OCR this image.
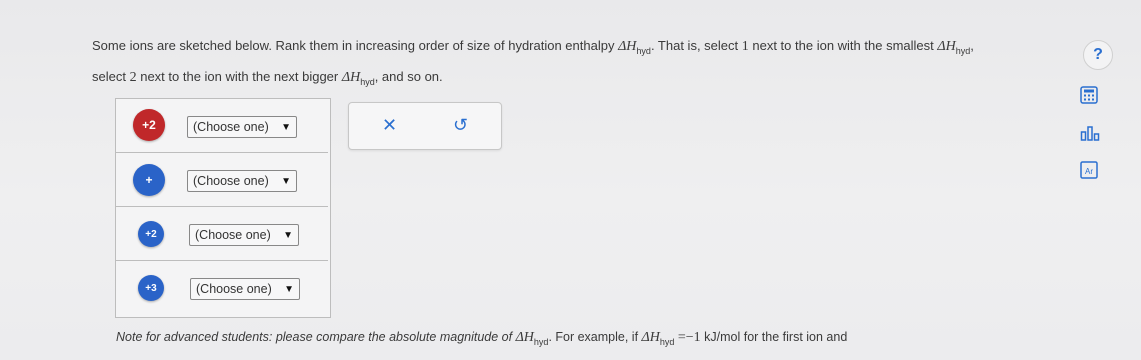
Some ions are sketched below. Rank them in increasing order of size of hydration enthalpy $\Delta H_{hyd}$. That is, select 1 next to the ion with the smallest $\Delta H_{hyd}$,
select 2 next to the ion with the next bigger $\Delta H_{hyd}$, and so on.
+2	(Choose one) ▼
+	(Choose one) ▼
+2	(Choose one) ▼
+3	(Choose one) ▼
✕	↺
?
Ar
Note for advanced students: please compare the absolute magnitude of $\Delta H_{hyd}$. For example, if $\Delta H_{hyd} =-1$ kJ/mol for the first ion and
